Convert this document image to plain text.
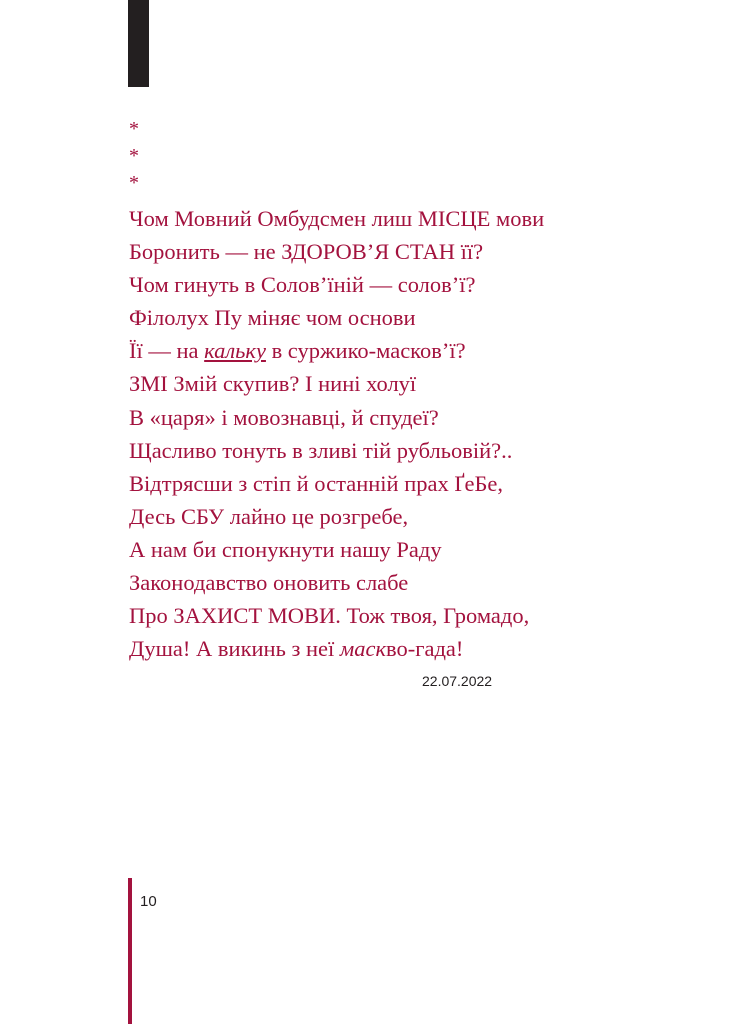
*
*
*
Чом Мовний Омбудсмен лиш МІСЦЕ мови
Боронить — не ЗДОРОВ’Я СТАН її?
Чом гинуть в Солов’їній — солов’ї?
Філолух Пу міняє чом основи
Її — на кальку в суржико-масков’ї?
ЗМІ Змій скупив? І нині холуї
В «царя» і мовознавці, й спудеї?
Щасливо тонуть в зливі тій рубльовій?..
Відтрясши з стіп й останній прах ҐеБе,
Десь СБУ лайно це розгребе,
А нам би спонукнути нашу Раду
Законодавство оновить слабе
Про ЗАХИСТ МОВИ. Тож твоя, Громадо,
Душа! А викинь з неї маскво-гада!
22.07.2022
10
